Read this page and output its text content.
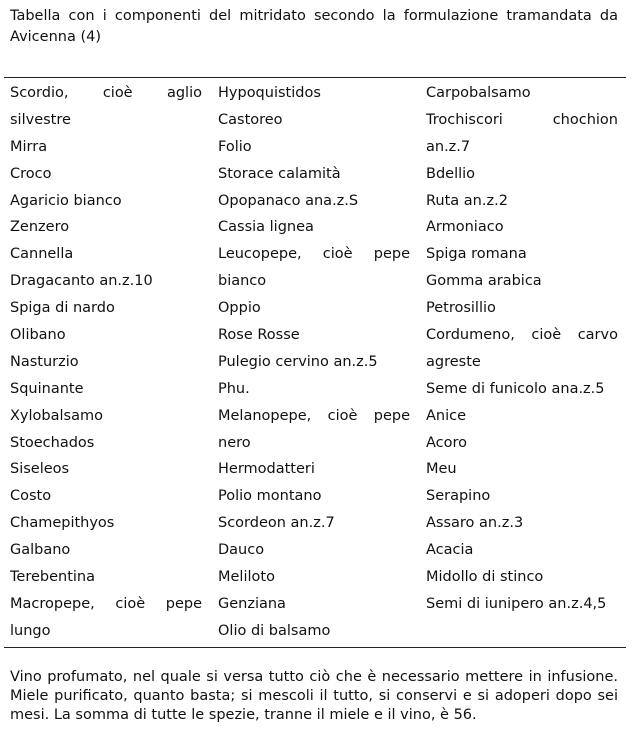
Tabella con i componenti del mitridato secondo la formulazione tramandata da Avicenna (4)
Scordio, cioè aglio
silvestre
Mirra
Croco
Agaricio bianco
Zenzero
Cannella
Dragacanto an.z.10
Spiga di nardo
Olibano
Nasturzio
Squinante
Xylobalsamo
Stoechados
Siseleos
Costo
Chamepithyos
Galbano
Terebentina
Macropepe, cioè pepe
lungo
Hypoquistidos
Castoreo
Folio
Storace calamità
Opopanaco ana.z.S
Cassia lignea
Leucopepe, cioè pepe
bianco
Oppio
Rose Rosse
Pulegio cervino an.z.5
Phu.
Melanopepe, cioè pepe
nero
Hermodatteri
Polio montano
Scordeon an.z.7
Dauco
Meliloto
Genziana
Olio di balsamo
Carpobalsamo
Trochiscori	chochion
an.z.7
Bdellio
Ruta an.z.2
Armoniaco
Spiga romana
Gomma arabica
Petrosillio
Cordumeno, cioè carvo
agreste
Seme di funicolo ana.z.5
Anice
Acoro
Meu
Serapino
Assaro an.z.3
Acacia
Midollo di stinco
Semi di iunipero an.z.4,5
Vino profumato, nel quale si versa tutto ciò che è necessario mettere in infusione. Miele purificato, quanto basta; si mescoli il tutto, si conservi e si adoperi dopo sei mesi. La somma di tutte le spezie, tranne il miele e il vino, è 56.
